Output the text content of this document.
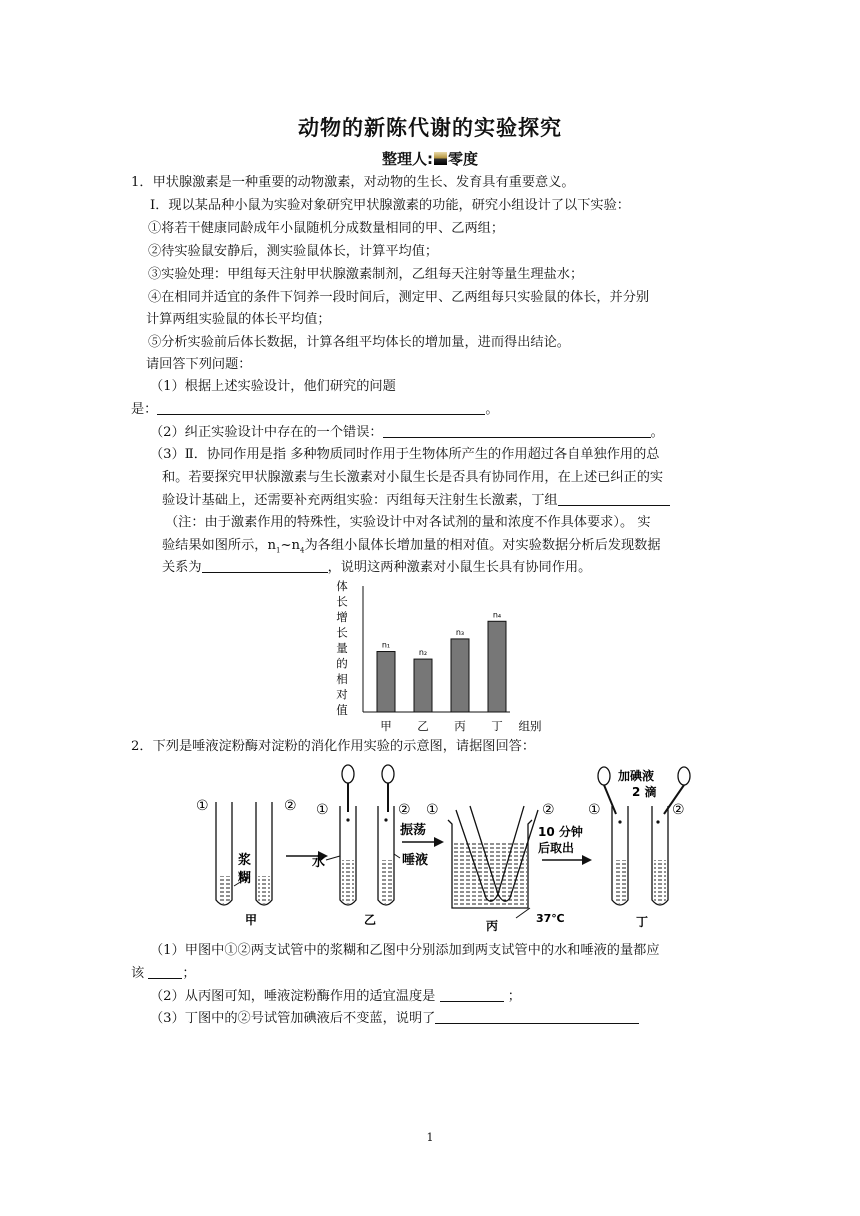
动物的新陈代谢的实验探究
整理人: 零度
1．甲状腺激素是一种重要的动物激素，对动物的生长、发育具有重要意义。
Ⅰ．现以某品种小鼠为实验对象研究甲状腺激素的功能，研究小组设计了以下实验：
①将若干健康同龄成年小鼠随机分成数量相同的甲、乙两组；
②待实验鼠安静后，测实验鼠体长，计算平均值；
③实验处理：甲组每天注射甲状腺激素制剂，乙组每天注射等量生理盐水；
④在相同并适宜的条件下饲养一段时间后，测定甲、乙两组每只实验鼠的体长，并分别
计算两组实验鼠的体长平均值；
⑤分析实验前后体长数据，计算各组平均体长的增加量，进而得出结论。
请回答下列问题：
（1）根据上述实验设计，他们研究的问题
是：	。
（2）纠正实验设计中存在的一个错误：	。
（3）Ⅱ．协同作用是指 多种物质同时作用于生物体所产生的作用超过各自单独作用的总
和。若要探究甲状腺激素与生长激素对小鼠生长是否具有协同作用，在上述已纠正的实
验设计基础上，还需要补充两组实验：丙组每天注射生长激素，丁组
（注：由于激素作用的特殊性，实验设计中对各试剂的量和浓度不作具体要求）。 实
验结果如图所示，$n_1\sim n_4$为各组小鼠体长增加量的相对值。对实验数据分析后发现数据
关系为	，说明这两种激素对小鼠生长具有协同作用。
体长增长量的相对值
n₁
n₂
n₃
n₄
甲 乙 丙 丁 组别
2．下列是唾液淀粉酶对淀粉的消化作用实验的示意图，请据图回答：
①	②
浆
糊
甲
①	②
水	唾液
乙
振荡
①	②
37℃
丙
10 分钟
后取出
①	②
加碘液
2 滴
丁
（1）甲图中①②两支试管中的浆糊和乙图中分别添加到两支试管中的水和唾液的量都应
该	；
（2）从丙图可知，唾液淀粉酶作用的适宜温度是	；
（3）丁图中的②号试管加碘液后不变蓝，说明了
1
